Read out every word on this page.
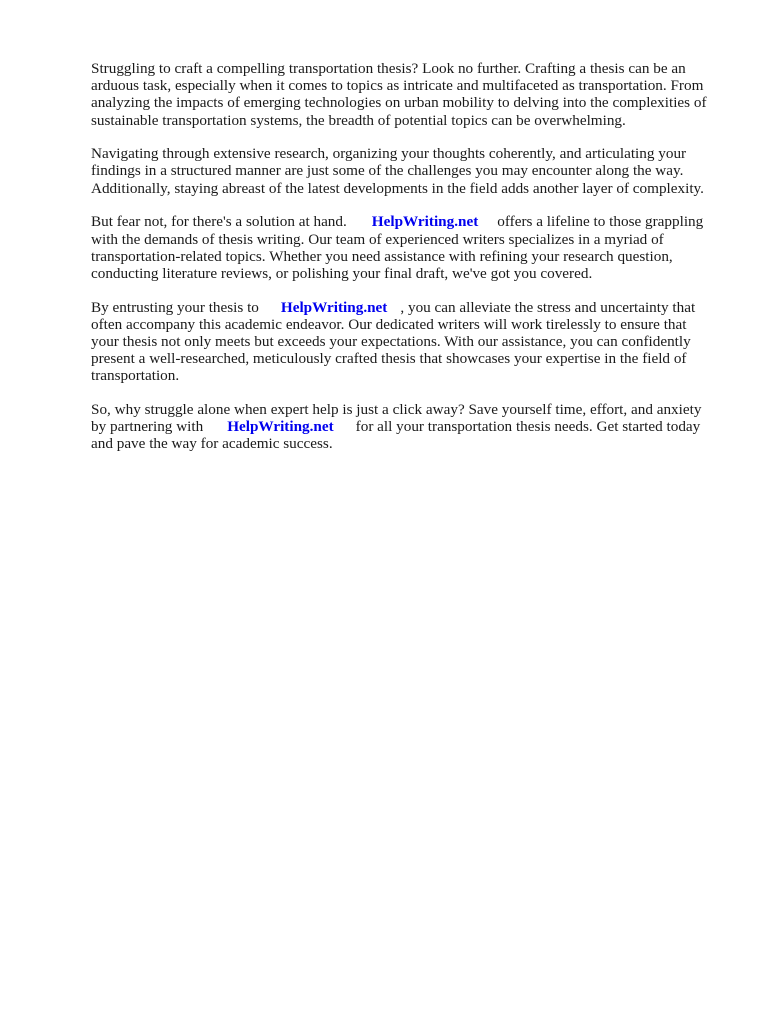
Struggling to craft a compelling transportation thesis? Look no further. Crafting a thesis can be an
arduous task, especially when it comes to topics as intricate and multifaceted as transportation. From
analyzing the impacts of emerging technologies on urban mobility to delving into the complexities of
sustainable transportation systems, the breadth of potential topics can be overwhelming.

Navigating through extensive research, organizing your thoughts coherently, and articulating your
findings in a structured manner are just some of the challenges you may encounter along the way.
Additionally, staying abreast of the latest developments in the field adds another layer of complexity.

But fear not, for there's a solution at hand. HelpWriting.net offers a lifeline to those grappling
with the demands of thesis writing. Our team of experienced writers specializes in a myriad of
transportation-related topics. Whether you need assistance with refining your research question,
conducting literature reviews, or polishing your final draft, we've got you covered.

By entrusting your thesis to HelpWriting.net , you can alleviate the stress and uncertainty that
often accompany this academic endeavor. Our dedicated writers will work tirelessly to ensure that
your thesis not only meets but exceeds your expectations. With our assistance, you can confidently
present a well-researched, meticulously crafted thesis that showcases your expertise in the field of
transportation.

So, why struggle alone when expert help is just a click away? Save yourself time, effort, and anxiety
by partnering with HelpWriting.net for all your transportation thesis needs. Get started today
and pave the way for academic success.
